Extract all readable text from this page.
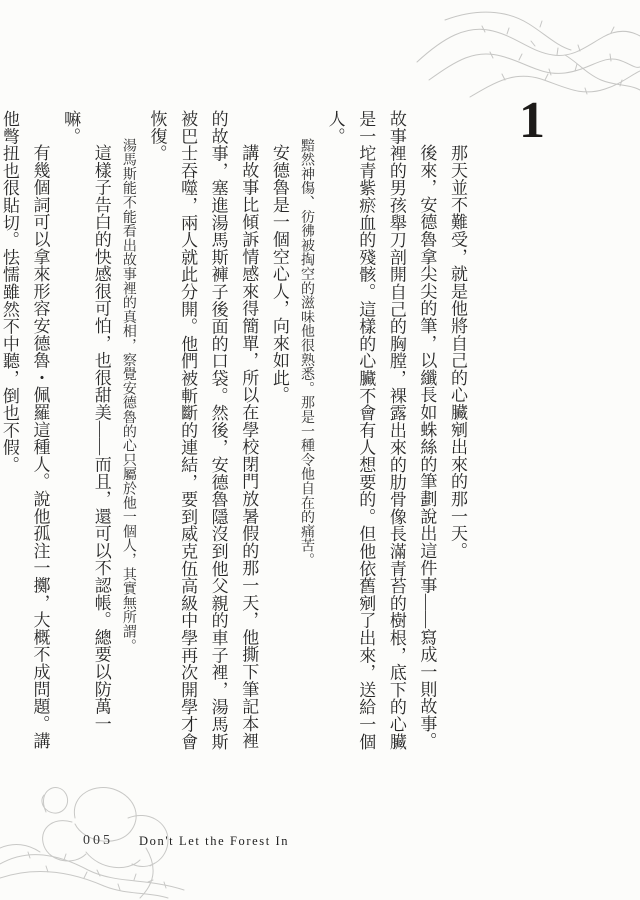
1

那天並不難受，就是他將自己的心臟剜出來的那一天。

後來，安德魯拿尖尖的筆，以纖長如蛛絲的筆劃說出這件事——寫成一則故事。故事裡的男孩舉刀剖開自己的胸膛，裸露出來的肋骨像長滿青苔的樹根，底下的心臟是一坨青紫瘀血的殘骸。這樣的心臟不會有人想要的。但他依舊剜了出來，送給一個人。

黯然神傷、彷彿被掏空的滋味他很熟悉。那是一種令他自在的痛苦。

安德魯是一個空心人，向來如此。

講故事比傾訴情感來得簡單，所以在學校閉門放暑假的那一天，他撕下筆記本裡的故事，塞進湯馬斯褲子後面的口袋。然後，安德魯隱沒到他父親的車子裡，湯馬斯被巴士吞噬，兩人就此分開。他們被斬斷的連結，要到威克伍高級中學再次開學才會恢復。

湯馬斯能不能看出故事裡的真相，察覺安德魯的心只屬於他一個人，其實無所謂。

這樣子告白的快感很可怕，也很甜美——而且，還可以不認帳。總要以防萬一嘛。

有幾個詞可以拿來形容安德魯・佩羅這種人。說他孤注一擲，大概不成問題。講他彆扭也很貼切。怯懦雖然不中聽，倒也不假。

005 Don't Let the Forest In
